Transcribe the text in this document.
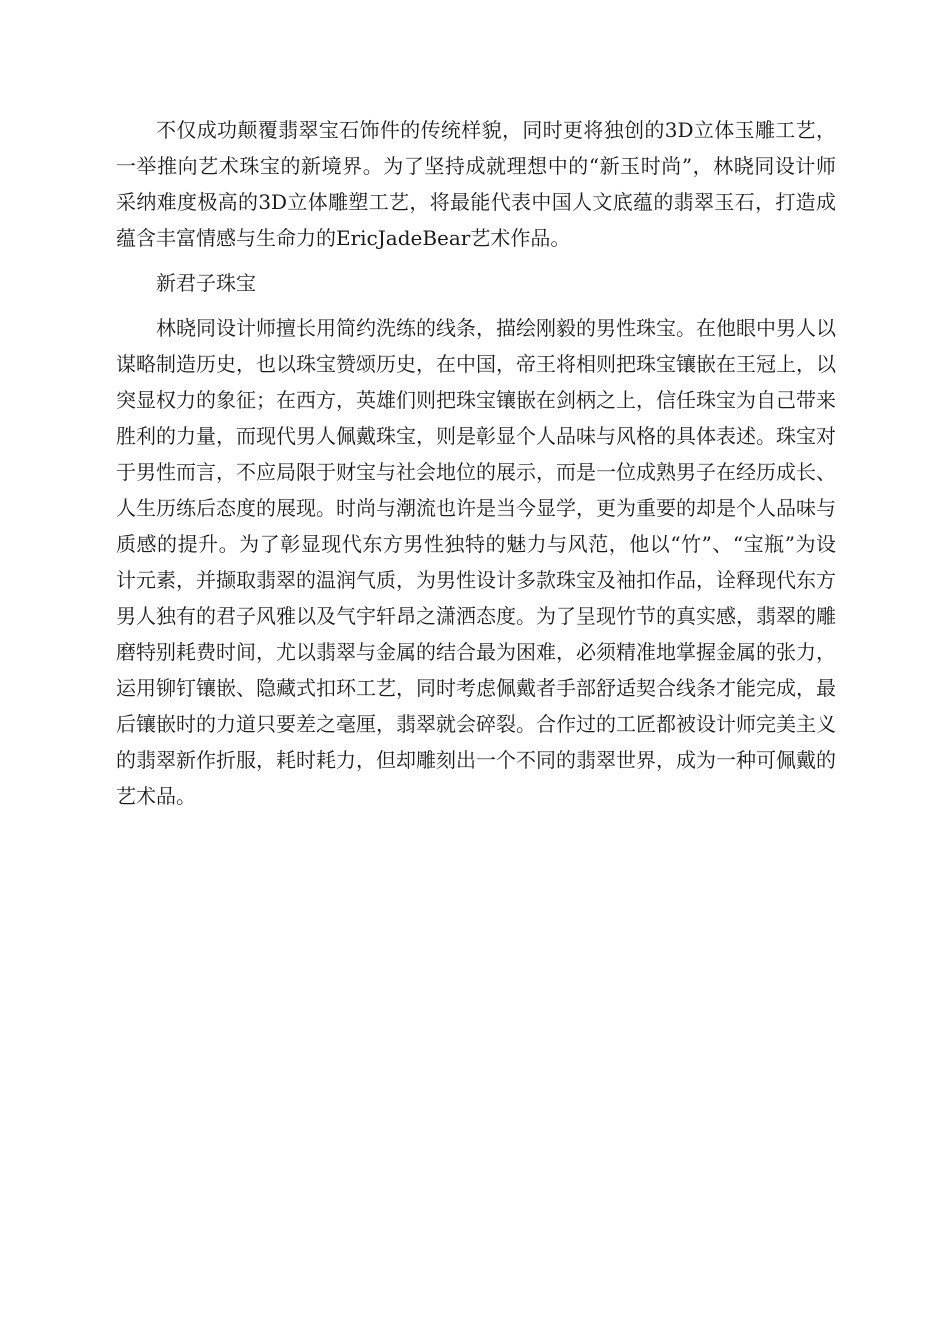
不仅成功颠覆翡翠宝石饰件的传统样貌，同时更将独创的3D立体玉雕工艺，一举推向艺术珠宝的新境界。为了坚持成就理想中的“新玉时尚”，林晓同设计师采纳难度极高的3D立体雕塑工艺，将最能代表中国人文底蕴的翡翠玉石，打造成蕴含丰富情感与生命力的EricJadeBear艺术作品。

新君子珠宝

林晓同设计师擅长用简约洗练的线条，描绘刚毅的男性珠宝。在他眼中男人以谋略制造历史，也以珠宝赞颂历史，在中国，帝王将相则把珠宝镶嵌在王冠上，以突显权力的象征；在西方，英雄们则把珠宝镶嵌在剑柄之上，信任珠宝为自己带来胜利的力量，而现代男人佩戴珠宝，则是彰显个人品味与风格的具体表述。珠宝对于男性而言，不应局限于财宝与社会地位的展示，而是一位成熟男子在经历成长、人生历练后态度的展现。时尚与潮流也许是当今显学，更为重要的却是个人品味与质感的提升。为了彰显现代东方男性独特的魅力与风范，他以“竹”、“宝瓶”为设计元素，并撷取翡翠的温润气质，为男性设计多款珠宝及袖扣作品，诠释现代东方男人独有的君子风雅以及气宇轩昂之潇洒态度。为了呈现竹节的真实感，翡翠的雕磨特别耗费时间，尤以翡翠与金属的结合最为困难，必须精准地掌握金属的张力，运用铆钉镶嵌、隐藏式扣环工艺，同时考虑佩戴者手部舒适契合线条才能完成，最后镶嵌时的力道只要差之毫厘，翡翠就会碎裂。合作过的工匠都被设计师完美主义的翡翠新作折服，耗时耗力，但却雕刻出一个不同的翡翠世界，成为一种可佩戴的艺术品。
